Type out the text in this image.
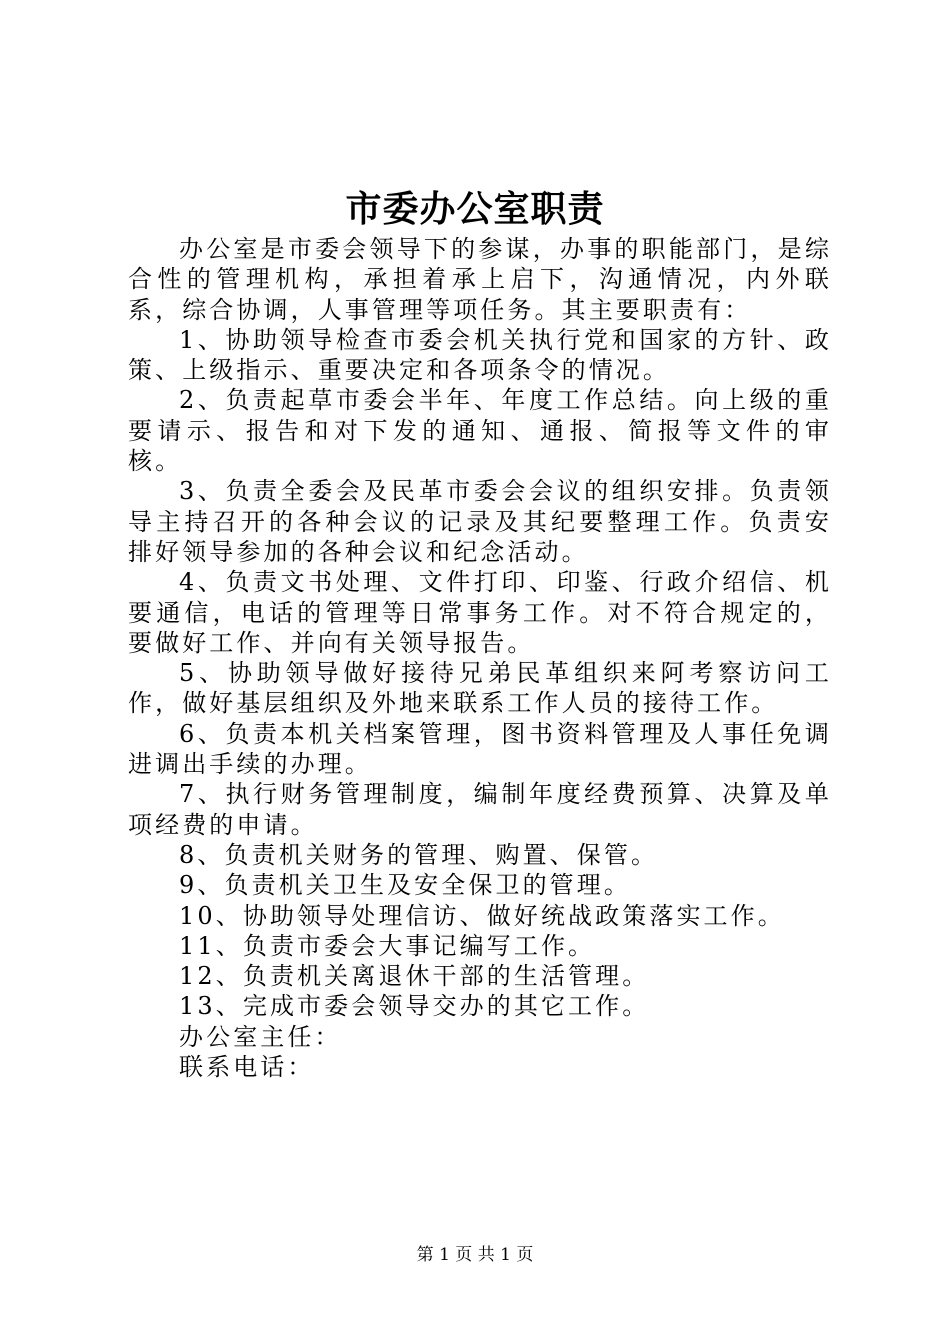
市委办公室职责

办公室是市委会领导下的参谋，办事的职能部门，是综合性的管理机构，承担着承上启下，沟通情况，内外联系，综合协调，人事管理等项任务。其主要职责有：

1、协助领导检查市委会机关执行党和国家的方针、政策、上级指示、重要决定和各项条令的情况。

2、负责起草市委会半年、年度工作总结。向上级的重要请示、报告和对下发的通知、通报、简报等文件的审核。

3、负责全委会及民革市委会会议的组织安排。负责领导主持召开的各种会议的记录及其纪要整理工作。负责安排好领导参加的各种会议和纪念活动。

4、负责文书处理、文件打印、印鉴、行政介绍信、机要通信，电话的管理等日常事务工作。对不符合规定的，要做好工作、并向有关领导报告。

5、协助领导做好接待兄弟民革组织来阿考察访问工作，做好基层组织及外地来联系工作人员的接待工作。

6、负责本机关档案管理，图书资料管理及人事任免调进调出手续的办理。

7、执行财务管理制度，编制年度经费预算、决算及单项经费的申请。

8、负责机关财务的管理、购置、保管。

9、负责机关卫生及安全保卫的管理。

10、协助领导处理信访、做好统战政策落实工作。

11、负责市委会大事记编写工作。

12、负责机关离退休干部的生活管理。

13、完成市委会领导交办的其它工作。

办公室主任：

联系电话：

第 1 页 共 1 页
